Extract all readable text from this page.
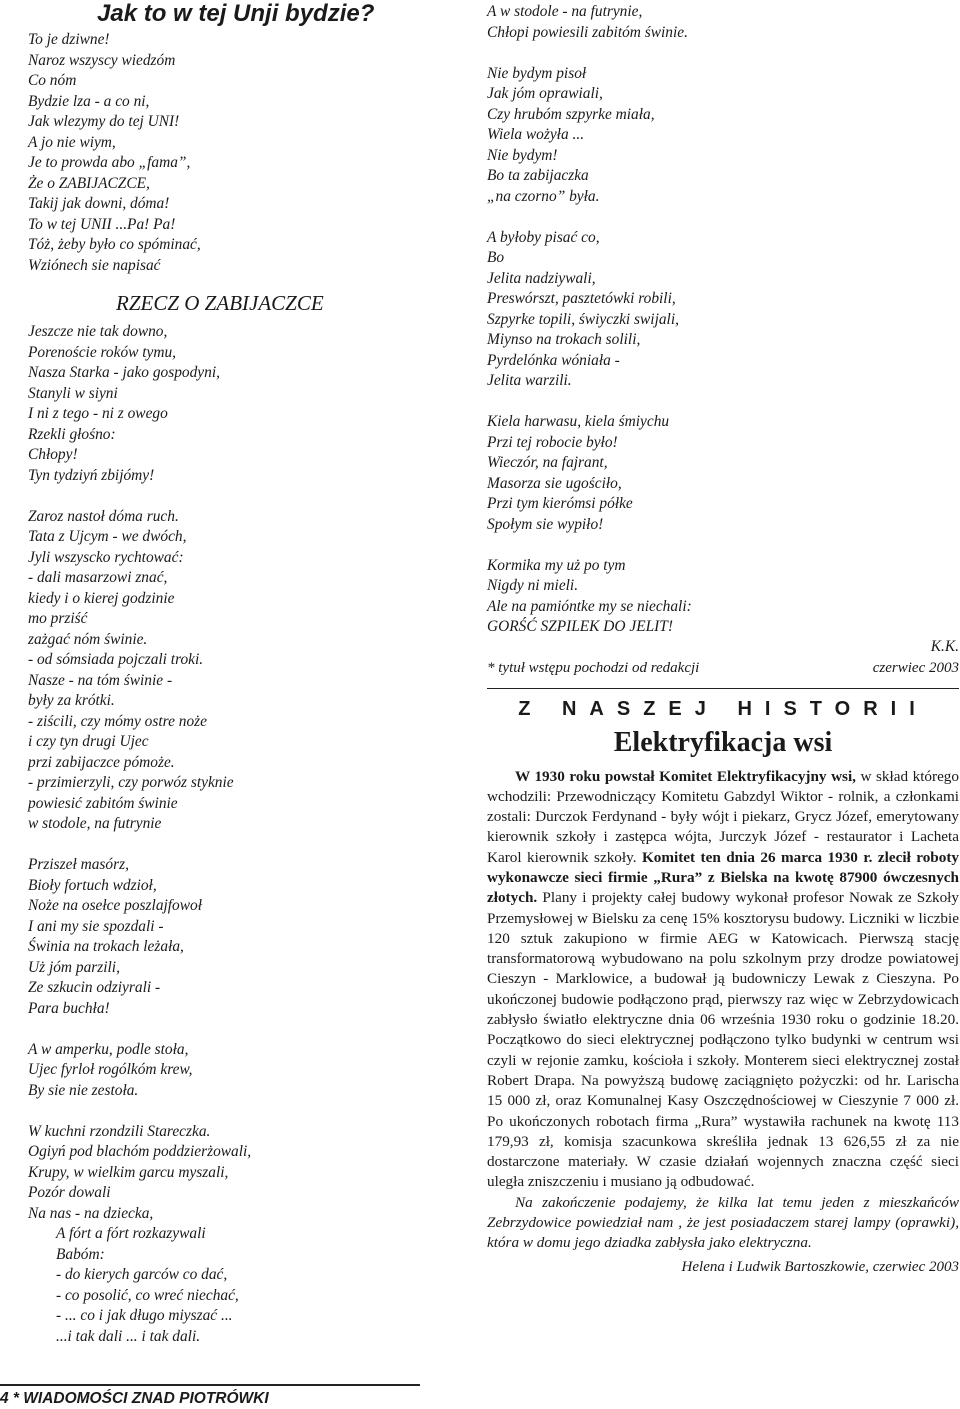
Jak to w tej Unji bydzie?
To je dziwne!
Naroz wszyscy wiedzóm
Co nóm
Bydzie lza - a co ni,
Jak wlezymy do tej UNI!
A jo nie wiym,
Je to prowda abo „fama”,
Że o ZABIJACZCE,
Takij jak downi, dóma!
To w tej UNII ...Pa! Pa!
Tóż, żeby było co spóminać,
Wziónech sie napisać
RZECZ O ZABIJACZCE
Jeszcze nie tak downo,
Porenoście roków tymu,
Nasza Starka - jako gospodyni,
Stanyli w siyni
I ni z tego - ni z owego
Rzekli głośno:
Chłopy!
Tyn tydziyń zbijómy!
Zaroz nastoł dóma ruch.
Tata z Ujcym - we dwóch,
Jyli wszyscko rychtować:
- dali masarzowi znać,
kiedy i o kierej godzinie
mo prziść
zażgać nóm świnie.
- od sómsiada pojczali troki.
Nasze - na tóm świnie -
były za krótki.
- ziścili, czy mómy ostre noże
i czy tyn drugi Ujec
przi zabijaczce pómoże.
- przimierzyli, czy porwóz styknie
powiesić zabitóm świnie
w stodole, na futrynie
Prziszeł masórz,
Bioły fortuch wdzioł,
Noże na osełce poszlajfowoł
I ani my sie spozdali -
Świnia na trokach leżała,
Uż jóm parzili,
Ze szkucin odziyrali -
Para buchła!
A w amperku, podle stoła,
Ujec fyrloł rogólkóm krew,
By sie nie zestoła.
W kuchni rzondzili Stareczka.
Ogiyń pod blachóm poddzierżowali,
Krupy, w wielkim garcu myszali,
Pozór dowali
Na nas - na dziecka,
A fórt a fórt rozkazywali
Babóm:
- do kierych garców co dać,
- co posolić, co wreć niechać,
- ... co i jak długo miyszać ...
...i tak dali ... i tak dali.
A w stodole - na futrynie,
Chłopi powiesili zabitóm świnie.
Nie bydym pisoł
Jak jóm oprawiali,
Czy hrubóm szpyrke miała,
Wiela wożyła ...
Nie bydym!
Bo ta zabijaczka
„na czorno” była.
A byłoby pisać co,
Bo
Jelita nadziywali,
Preswórszt, pasztetówki robili,
Szpyrke topili, świyczki swijali,
Miynso na trokach solili,
Pyrdelónka wóniała -
Jelita warzili.
Kiela harwasu, kiela śmiychu
Przi tej robocie było!
Wieczór, na fajrant,
Masorza sie ugościło,
Przi tym kierómsi półke
Społym sie wypiło!
Kormika my uż po tym
Nigdy ni mieli.
Ale na pamióntke my se niechali:
GORŚĆ SZPILEK DO JELIT!
K.K.
* tytuł wstępu pochodzi od redakcji	czerwiec 2003
Z NASZEJ HISTORII
Elektryfikacja wsi

W 1930 roku powstał Komitet Elektryfikacyjny wsi, w skład którego wchodzili: Przewodniczący Komitetu Gabzdyl Wiktor - rolnik, a członkami zostali: Durczok Ferdynand - były wójt i piekarz, Grycz Józef, emerytowany kierownik szkoły i zastępca wójta, Jurczyk Józef - restaurator i Lacheta Karol kierownik szkoły. Komitet ten dnia 26 marca 1930 r. zlecił roboty wykonawcze sieci firmie „Rura” z Bielska na kwotę 87900 ówczesnych złotych. Plany i projekty całej budowy wykonał profesor Nowak ze Szkoły Przemysłowej w Bielsku za cenę 15% kosztorysu budowy. Liczniki w liczbie 120 sztuk zakupiono w firmie AEG w Katowicach. Pierwszą stację transformatorową wybudowano na polu szkolnym przy drodze powiatowej Cieszyn - Marklowice, a budował ją budowniczy Lewak z Cieszyna. Po ukończonej budowie podłączono prąd, pierwszy raz więc w Zebrzydowicach zabłysło światło elektryczne dnia 06 września 1930 roku o godzinie 18.20. Początkowo do sieci elektrycznej podłączono tylko budynki w centrum wsi czyli w rejonie zamku, kościoła i szkoły. Monterem sieci elektrycznej został Robert Drapa. Na powyższą budowę zaciągnięto pożyczki: od hr. Larischa 15 000 zł, oraz Komunalnej Kasy Oszczędnościowej w Cieszynie 7 000 zł. Po ukończonych robotach firma „Rura” wystawiła rachunek na kwotę 113 179,93 zł, komisja szacunkowa skreśliła jednak 13 626,55 zł za nie dostarczone materiały. W czasie działań wojennych znaczna część sieci uległa zniszczeniu i musiano ją odbudować.

Na zakończenie podajemy, że kilka lat temu jeden z mieszkańców Zebrzydowice powiedział nam , że jest posiadaczem starej lampy (oprawki), która w domu jego dziadka zabłysła jako elektryczna.

Helena i Ludwik Bartoszkowie, czerwiec 2003
4 * WIADOMOŚCI ZNAD PIOTRÓWKI
